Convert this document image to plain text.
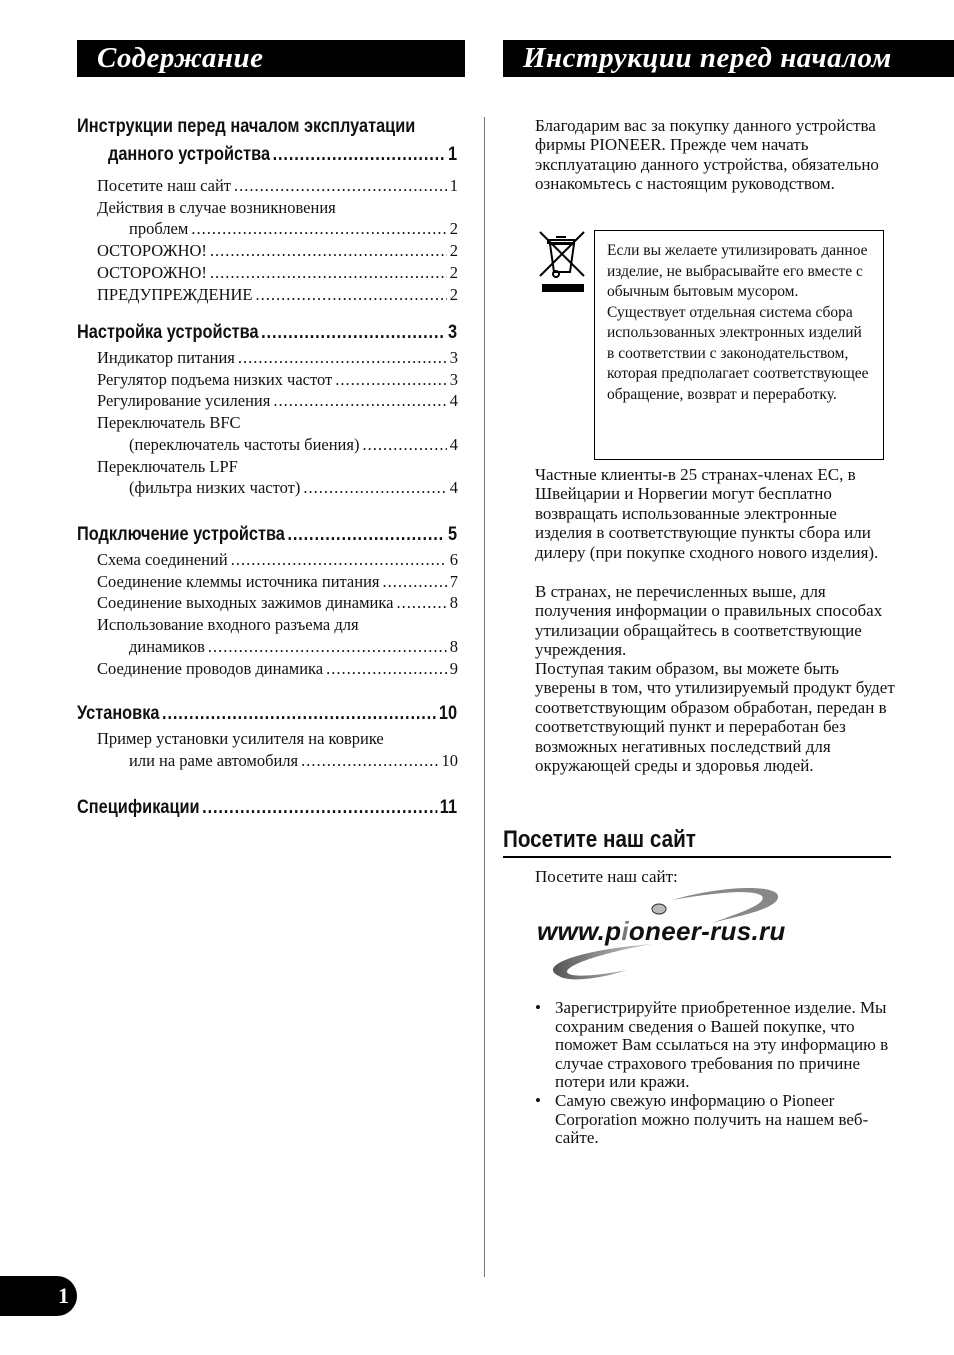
Содержание	Инструкции перед началом
Инструкции перед началом эксплуатации
данного устройства .....	1
Посетите наш сайт .....	1
Действия в случае возникновения
проблем .....	2
ОСТОРОЖНО! .....	2
ОСТОРОЖНО! .....	2
ПРЕДУПРЕЖДЕНИЕ .....	2
Настройка устройства .....	3
Индикатор питания .....	3
Регулятор подъема низких частот .....	3
Регулирование усиления .....	4
Переключатель BFC
(переключатель частоты биения) .....	4
Переключатель LPF
(фильтра низких частот) .....	4
Подключение устройства .....	5
Схема соединений .....	6
Соединение клеммы источника питания .....	7
Соединение выходных зажимов динамика .....	8
Использование входного разъема для
динамиков .....	8
Соединение проводов динамика .....	9
Установка .....	10
Пример установки усилителя на коврике
или на раме автомобиля .....	10
Спецификации .....	11
Благодарим вас за покупку данного устройства фирмы PIONEER. Прежде чем начать эксплуатацию данного устройства, обязательно ознакомьтесь с настоящим руководством.
Если вы желаете утилизировать данное изделие, не выбрасывайте его вместе с обычным бытовым мусором. Существует отдельная система сбора использованных электронных изделий в соответствии с законодательством, которая предполагает соответствующее обращение, возврат и переработку.
Частные клиенты-в 25 странах-членах ЕС, в Швейцарии и Норвегии могут бесплатно возвращать использованные электронные изделия в соответствующие пункты сбора или дилеру (при покупке сходного нового изделия).
В странах, не перечисленных выше, для получения информации о правильных способах утилизации обращайтесь в соответствующие учреждения.
Поступая таким образом, вы можете быть уверены в том, что утилизируемый продукт будет соответствующим образом обработан, передан в соответствующий пункт и переработан без возможных негативных последствий для окружающей среды и здоровья людей.
Посетите наш сайт
Посетите наш сайт:
www.pioneer-rus.ru
• Зарегистрируйте приобретенное изделие. Мы сохраним сведения о Вашей покупке, что поможет Вам ссылаться на эту информацию в случае страхового требования по причине потери или кражи.
• Самую свежую информацию о Pioneer Corporation можно получить на нашем веб-сайте.
1
